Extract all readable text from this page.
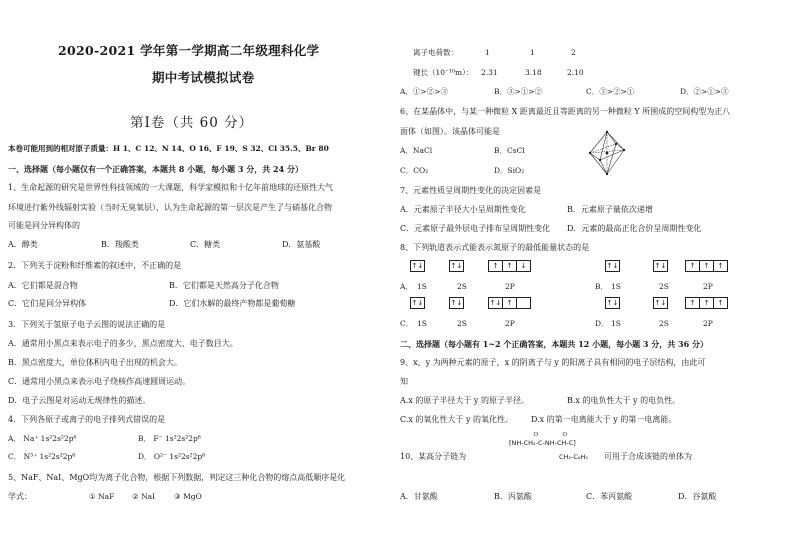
2020-2021 学年第一学期高二年级理科化学
期中考试模拟试卷
第Ⅰ卷（共 60 分）
本卷可能用到的相对原子质量：H 1、C 12、N 14、O 16、F 19、S 32、Cl 35.5、Br 80
一、选择题（每小题仅有一个正确答案，本题共 8 小题，每小题 3 分，共 24 分）
1、生命起源的研究是世界性科技领域的一大课题，科学家模拟和十亿年前地球的还原性大气
环境进行紫外线辐射实验（当时无臭氧层），认为生命起源的第一层次是产生了与硝基化合物
可能是同分异构体的
A．醇类	B．羧酸类	C．糖类	D．氨基酸
2．下列关于淀粉和纤维素的叙述中，不正确的是
A．它们都是混合物	B．它们都是天然高分子化合物
C．它们是同分异构体	D．它们水解的最终产物都是葡萄糖
3．下列关于氢原子电子云图的说法正确的是
A．通常用小黑点来表示电子的多少，黑点密度大，电子数目大。
B．黑点密度大，单位体积内电子出现的机会大。
C．通常用小黑点来表示电子绕核作高速圆周运动。
D．电子云图是对运动无规律性的描述。
4．下列各原子或离子的电子排列式错误的是
A． Na⁺ 1s²2s²2p⁶	B． F⁻ 1s²2s²2p⁶
C． N³⁺ 1s²2s²2p⁶	D． O²⁻ 1s²2s²2p⁶
5、NaF、NaI、MgO均为离子化合物，根据下列数据，判定这三种化合物的熔点高低顺序是化
学式：	① NaF ② NaI	③ MgO
离子电荷数：	1	1	2
键长（10⁻¹⁰m）： 2.31	3.18	2.10
A．①>②>③	B．③>①>②	C．③>②>①	D．②>①>③
6、在某晶体中，与某一种微粒 X 距离最近且等距离的另一种微粒 Y 所围成的空间构型为正八
面体（如图）。该晶体可能是
A．NaCl	B．CsCl
C．CO₂	D．SiO₂
7、元素性质呈周期性变化的决定因素是
A．元素原子半径大小呈周期性变化	B．元素原子量依次递增
C．元素原子最外层电子排布呈周期性变化 D．元素的最高正化合价呈周期性变化
8、下列轨道表示式能表示氮原子的最低能量状态的是
↑↓	↑↓	↑	↑	↓	↑↓	↑↓	↑	↑	↑
A． 1S	2S	2P	B． 1S	2S	2P
↑↓	↑↓	↑↓ ↑	↑↓	↑↓	↑	↑	↑
C． 1S	2S	2P	D． 1S	2S	2P
二、选择题（每小题有 1~2 个正确答案，本题共 12 小题，每小题 3 分，共 36 分）
9、x，y 为两种元素的原子，x 的阴离子与 y 的阳离子具有相同的电子层结构，由此可
知
A.x 的原子半径大于 y 的原子半径。	B.x 的电负性大于 y 的电负性。
C.x 的氧化性大于 y 的氧化性。 D.x 的第一电离能大于 y 的第一电离能。
O              O
[NH-CH₂-C-NH-CH-C]
CH₂-C₆H₅
10、某高分子链为	可用于合成该链的单体为
A．甘氨酸	B．丙氨酸	C．苯丙氨酸	D．谷氨酸
